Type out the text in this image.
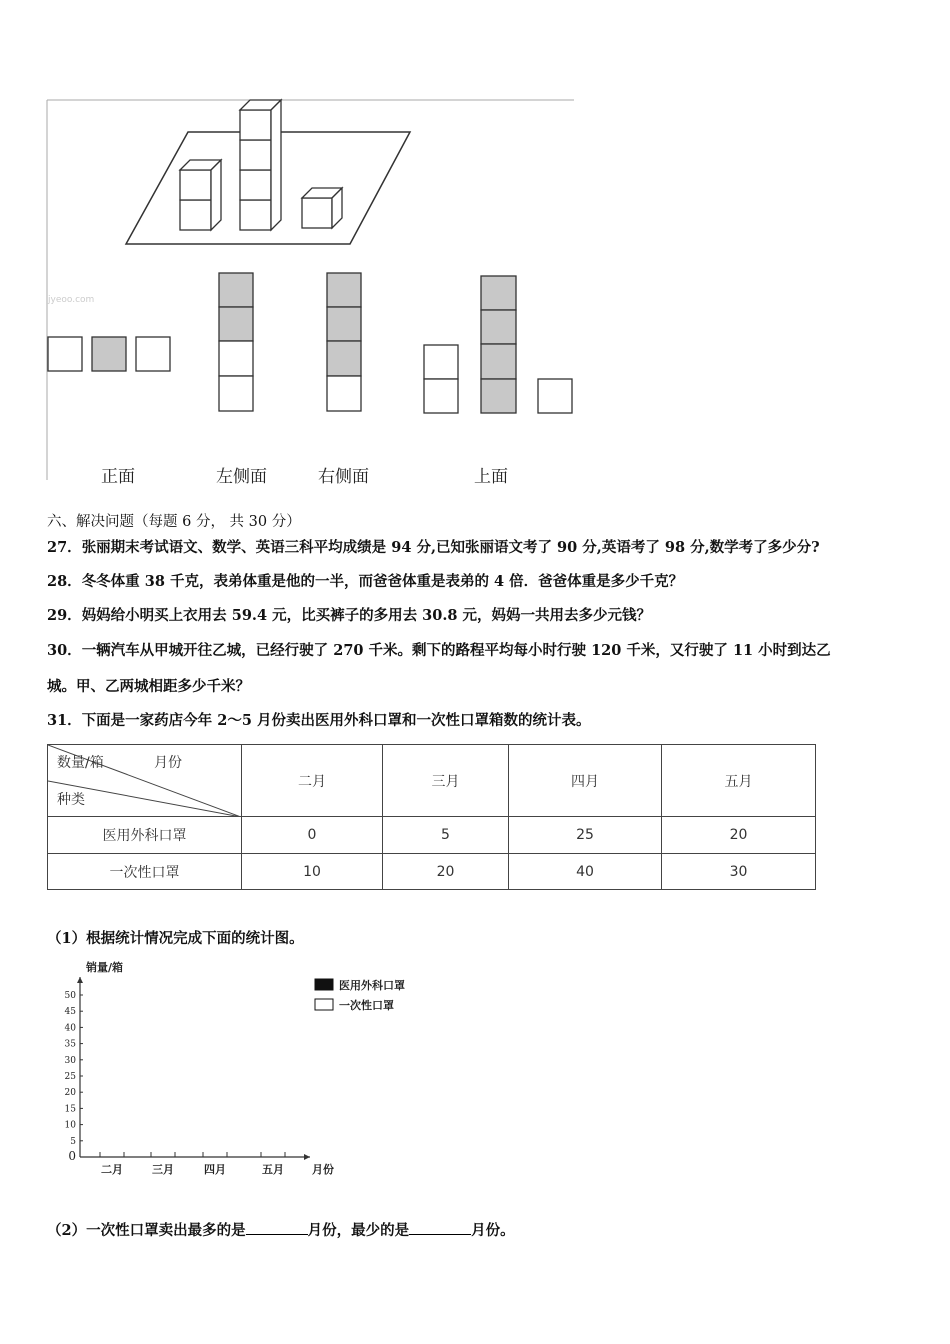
jyeoo.com
正面	左侧面	右侧面	上面
六、解决问题（每题 6 分， 共 30 分）
27．张丽期末考试语文、数学、英语三科平均成绩是 94 分,已知张丽语文考了 90 分,英语考了 98 分,数学考了多少分?
28．冬冬体重 38 千克，表弟体重是他的一半，而爸爸体重是表弟的 4 倍．爸爸体重是多少千克？
29．妈妈给小明买上衣用去 59.4 元，比买裤子的多用去 30.8 元，妈妈一共用去多少元钱？
30．一辆汽车从甲城开往乙城，已经行驶了 270 千米。剩下的路程平均每小时行驶 120 千米，又行驶了 11 小时到达乙
城。甲、乙两城相距多少千米？
31．下面是一家药店今年 2～5 月份卖出医用外科口罩和一次性口罩箱数的统计表。
数量/箱 月份
种类	二月	三月	四月	五月
医用外科口罩	0	5	25	20
一次性口罩	10	20	40	30
（1）根据统计情况完成下面的统计图。
0
5
10
15
20
25
30
35
40
45
50
销量/箱
月份
二月	三月	四月	五月
医用外科口罩
一次性口罩
（2）一次性口罩卖出最多的是	月份，最少的是	月份。
